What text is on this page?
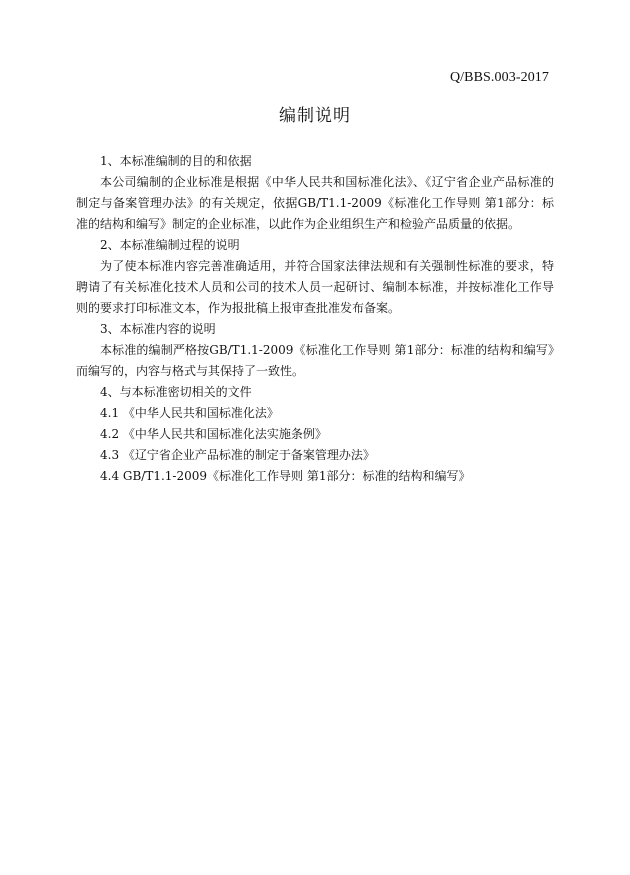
Q/BBS.003-2017
编制说明

1、本标准编制的目的和依据

本公司编制的企业标准是根据《中华人民共和国标准化法》、《辽宁省企业产品标准的制定与备案管理办法》的有关规定，依据GB/T1.1-2009《标准化工作导则 第1部分：标准的结构和编写》制定的企业标准，以此作为企业组织生产和检验产品质量的依据。

2、本标准编制过程的说明

为了使本标准内容完善准确适用，并符合国家法律法规和有关强制性标准的要求，特聘请了有关标准化技术人员和公司的技术人员一起研讨、编制本标准，并按标准化工作导则的要求打印标准文本，作为报批稿上报审查批准发布备案。

3、本标准内容的说明

本标准的编制严格按GB/T1.1-2009《标准化工作导则 第1部分：标准的结构和编写》而编写的，内容与格式与其保持了一致性。

4、与本标准密切相关的文件

4.1 《中华人民共和国标准化法》

4.2 《中华人民共和国标准化法实施条例》

4.3 《辽宁省企业产品标准的制定于备案管理办法》

4.4 GB/T1.1-2009《标准化工作导则 第1部分：标准的结构和编写》
